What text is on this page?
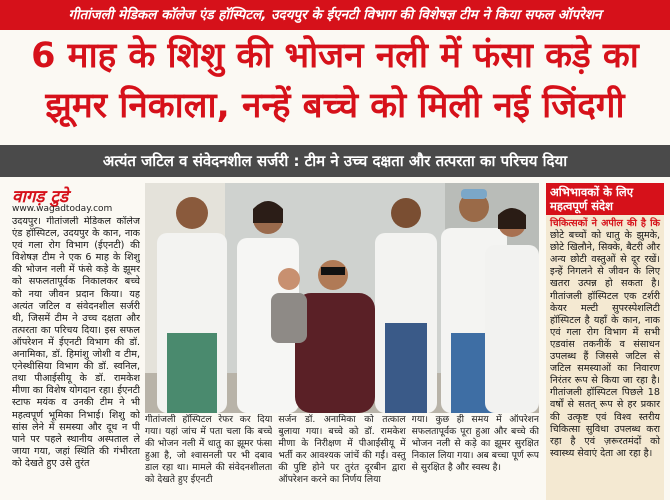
गीतांजली मेडिकल कॉलेज एंड हॉस्पिटल, उदयपुर के ईएनटी विभाग की विशेषज्ञ टीम ने किया सफल ऑपरेशन
6 माह के शिशु की भोजन नली में फंसा कड़े का
झूमर निकाला, नन्हें बच्चे को मिली नई जिंदगी
अत्यंत जटिल व संवेदनशील सर्जरी : टीम ने उच्च दक्षता और तत्परता का परिचय दिया
वागड़ टुडे
www.wagadtoday.com
उदयपुर। गीतांजली मेडिकल कॉलेज एंड हॉस्पिटल, उदयपुर के कान, नाक एवं गला रोग विभाग (ईएनटी) की विशेषज्ञ टीम ने एक 6 माह के शिशु की भोजन नली में फंसे कड़े के झूमर को सफलतापूर्वक निकालकर बच्चे को नया जीवन प्रदान किया। यह अत्यंत जटिल व संवेदनशील सर्जरी थी, जिसमें टीम ने उच्च दक्षता और तत्परता का परिचय दिया। इस सफल ऑपरेशन में ईएनटी विभाग की डॉ. अनामिका, डॉ. हिमांशु जोशी व टीम, एनेस्थीसिया विभाग की डॉ. स्वनिल, तथा पीआईसीयू के डॉ. रामकेश मीणा का विशेष योगदान रहा। ईएनटी स्टाफ मयंक व उनकी टीम ने भी महत्वपूर्ण भूमिका निभाई। शिशु को सांस लेने में समस्या और दूध न पी पाने पर पहले स्थानीय अस्पताल ले जाया गया, जहां स्थिति की गंभीरता को देखते हुए उसे तुरंत
गीतांजली हॉस्पिटल रेफर कर दिया गया। यहां जांच में पता चला कि बच्चे की भोजन नली में धातु का झूमर फंसा हुआ है, जो श्वासनली पर भी दबाव डाल रहा था। मामले की संवेदनशीलता को देखते हुए ईएनटी
सर्जन डॉ. अनामिका को तत्काल बुलाया गया। बच्चे को डॉ. रामकेश मीणा के निरीक्षण में पीआईसीयू में भर्ती कर आवश्यक जांचें की गईं। वस्तु की पुष्टि होने पर तुरंत दूरबीन द्वारा ऑपरेशन करने का निर्णय लिया
गया। कुछ ही समय में ऑपरेशन सफलतापूर्वक पूरा हुआ और बच्चे की भोजन नली से कड़े का झूमर सुरक्षित निकाल लिया गया। अब बच्चा पूर्ण रूप से सुरक्षित है और स्वस्थ है।
अभिभावकों के लिए महत्वपूर्ण संदेश
चिकित्सकों ने अपील की है कि छोटे बच्चों को धातु के झुमके, छोटे खिलौने, सिक्के, बैटरी और अन्य छोटी वस्तुओं से दूर रखें। इन्हें निगलने से जीवन के लिए खतरा उत्पन्न हो सकता है। गीतांजली हॉस्पिटल एक टर्शरी केयर मल्टी सुपरस्पेशलिटी हॉस्पिटल है यहाँ के कान, नाक एवं गला रोग विभाग में सभी एडवांस तकनीकें व संसाधन उपलब्ध हैं जिससे जटिल से जटिल समस्याओं का निवारण निरंतर रूप से किया जा रहा है। गीतांजली हॉस्पिटल पिछले 18 वर्षों से सतत् रूप से हर प्रकार की उत्कृष्ट एवं विश्व स्तरीय चिकित्सा सुविधा उपलब्ध करा रहा है एवं ज़रूरतमंदों को स्वास्थ्य सेवाएं देता आ रहा है।
